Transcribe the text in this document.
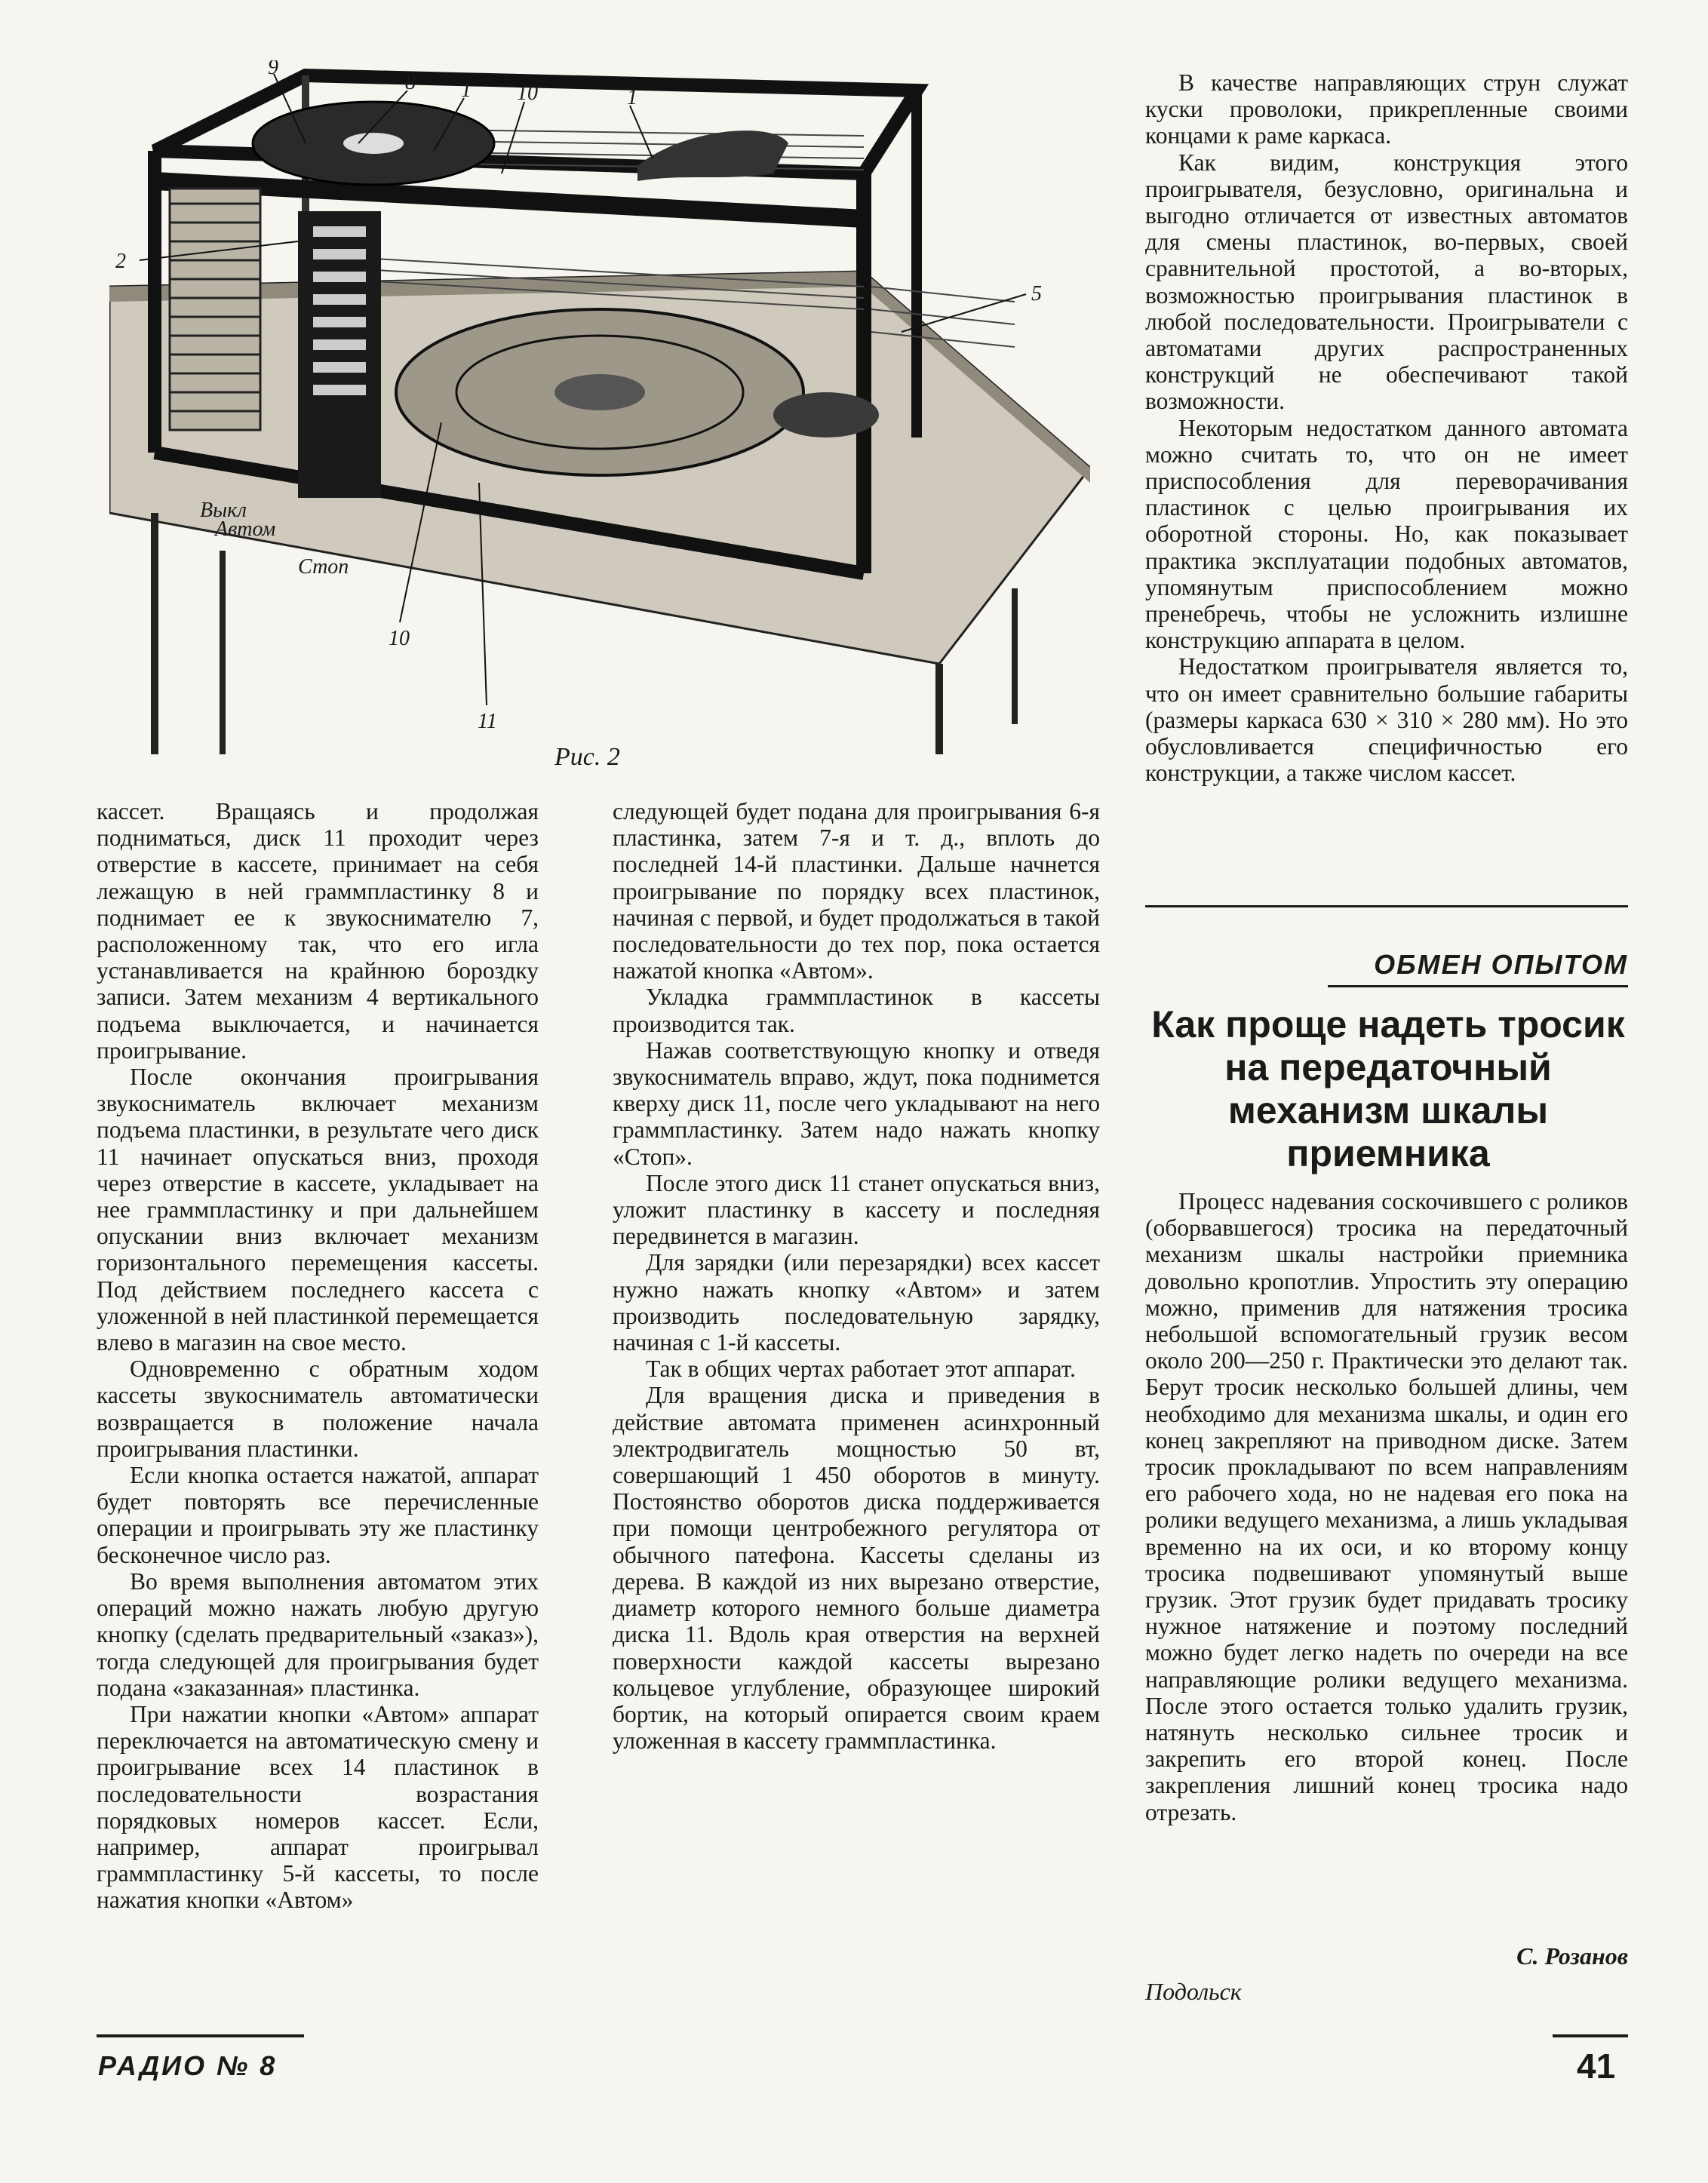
9
8 1 10	1
2
5
10
11
Выкл
Автом
Стоп
Рис. 2

кассет. Вращаясь и продолжая подниматься, диск 11 проходит через отверстие в кассете, принимает на себя лежащую в ней граммпластинку 8 и поднимает ее к звукоснимателю 7, расположенному так, что его игла устанавливается на крайнюю бороздку записи. Затем механизм 4 вертикального подъема выключается, и начинается проигрывание.

После окончания проигрывания звукосниматель включает механизм подъема пластинки, в результате чего диск 11 начинает опускаться вниз, проходя через отверстие в кассете, укладывает на нее граммпластинку и при дальнейшем опускании вниз включает механизм горизонтального перемещения кассеты. Под действием последнего кассета с уложенной в ней пластинкой перемещается влево в магазин на свое место.

Одновременно с обратным ходом кассеты звукосниматель автоматически возвращается в положение начала проигрывания пластинки.

Если кнопка остается нажатой, аппарат будет повторять все перечисленные операции и проигрывать эту же пластинку бесконечное число раз.

Во время выполнения автоматом этих операций можно нажать любую другую кнопку (сделать предварительный «заказ»), тогда следующей для проигрывания будет подана «заказанная» пластинка.

При нажатии кнопки «Автом» аппарат переключается на автоматическую смену и проигрывание всех 14 пластинок в последовательности возрастания порядковых номеров кассет. Если, например, аппарат проигрывал граммпластинку 5-й кассеты, то после нажатия кнопки «Автом»

следующей будет подана для проигрывания 6-я пластинка, затем 7-я и т. д., вплоть до последней 14-й пластинки. Дальше начнется проигрывание по порядку всех пластинок, начиная с первой, и будет продолжаться в такой последовательности до тех пор, пока остается нажатой кнопка «Автом».

Укладка граммпластинок в кассеты производится так.

Нажав соответствующую кнопку и отведя звукосниматель вправо, ждут, пока поднимется кверху диск 11, после чего укладывают на него граммпластинку. Затем надо нажать кнопку «Стоп».

После этого диск 11 станет опускаться вниз, уложит пластинку в кассету и последняя передвинется в магазин.

Для зарядки (или перезарядки) всех кассет нужно нажать кнопку «Автом» и затем производить последовательную зарядку, начиная с 1-й кассеты.

Так в общих чертах работает этот аппарат.

Для вращения диска и приведения в действие автомата применен асинхронный электродвигатель мощностью 50 вт, совершающий 1 450 оборотов в минуту. Постоянство оборотов диска поддерживается при помощи центробежного регулятора от обычного патефона. Кассеты сделаны из дерева. В каждой из них вырезано отверстие, диаметр которого немного больше диаметра диска 11. Вдоль края отверстия на верхней поверхности каждой кассеты вырезано кольцевое углубление, образующее широкий бортик, на который опирается своим краем уложенная в кассету граммпластинка.

В качестве направляющих струн служат куски проволоки, прикрепленные своими концами к раме каркаса.

Как видим, конструкция этого проигрывателя, безусловно, оригинальна и выгодно отличается от известных автоматов для смены пластинок, во-первых, своей сравнительной простотой, а во-вторых, возможностью проигрывания пластинок в любой последовательности. Проигрыватели с автоматами других распространенных конструкций не обеспечивают такой возможности.

Некоторым недостатком данного автомата можно считать то, что он не имеет приспособления для переворачивания пластинок с целью проигрывания их оборотной стороны. Но, как показывает практика эксплуатации подобных автоматов, упомянутым приспособлением можно пренебречь, чтобы не усложнить излишне конструкцию аппарата в целом.

Недостатком проигрывателя является то, что он имеет сравнительно большие габариты (размеры каркаса 630 × 310 × 280 мм). Но это обусловливается специфичностью его конструкции, а также числом кассет.

ОБМЕН ОПЫТОМ
Как проще надеть тросик на передаточный механизм шкалы приемника

Процесс надевания соскочившего с роликов (оборвавшегося) тросика на передаточный механизм шкалы настройки приемника довольно кропотлив. Упростить эту операцию можно, применив для натяжения тросика небольшой вспомогательный грузик весом около 200—250 г. Практически это делают так. Берут тросик несколько большей длины, чем необходимо для механизма шкалы, и один его конец закрепляют на приводном диске. Затем тросик прокладывают по всем направлениям его рабочего хода, но не надевая его пока на ролики ведущего механизма, а лишь укладывая временно на их оси, и ко второму концу тросика подвешивают упомянутый выше грузик. Этот грузик будет придавать тросику нужное натяжение и поэтому последний можно будет легко надеть по очереди на все направляющие ролики ведущего механизма. После этого остается только удалить грузик, натянуть несколько сильнее тросик и закрепить его второй конец. После закрепления лишний конец тросика надо отрезать.

С. Розанов
Подольск
РАДИО № 8	41
